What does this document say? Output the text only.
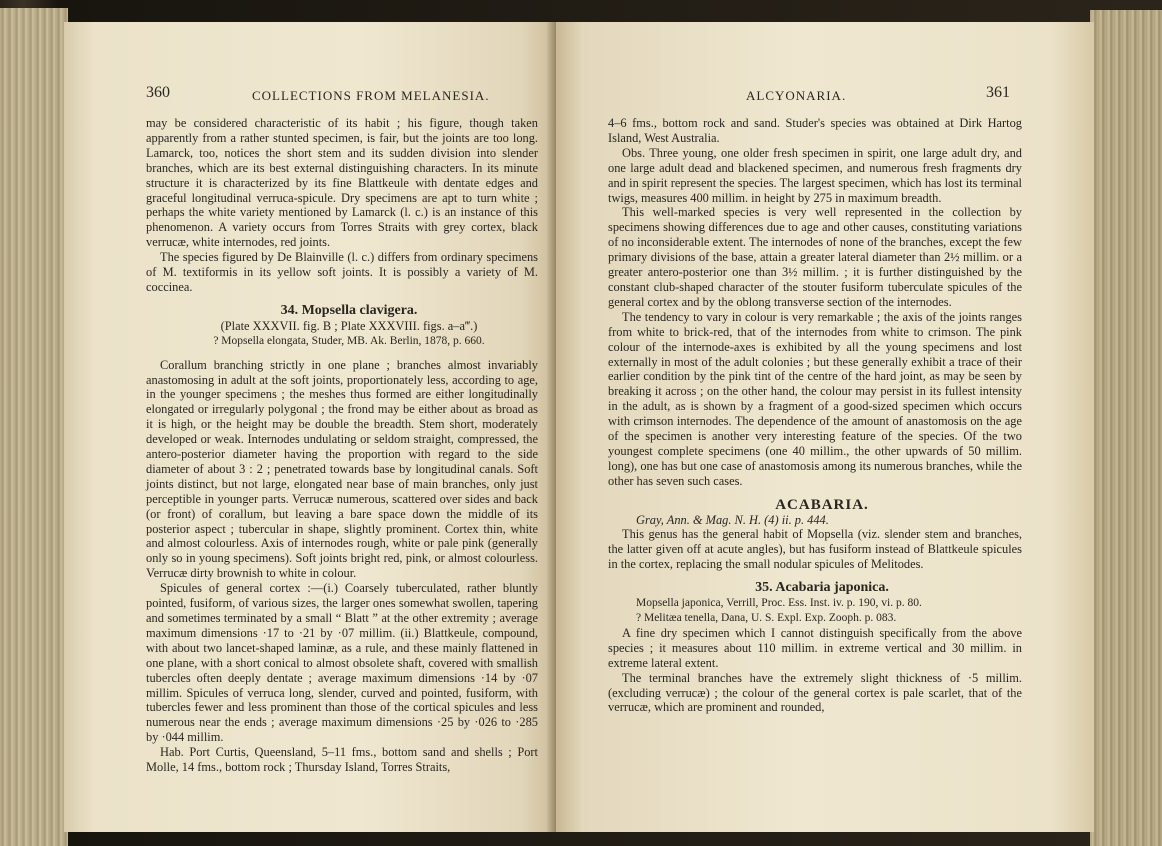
360	COLLECTIONS FROM MELANESIA.

may be considered characteristic of its habit ; his figure, though taken apparently from a rather stunted specimen, is fair, but the joints are too long. Lamarck, too, notices the short stem and its sudden division into slender branches, which are its best external distinguishing characters. In its minute structure it is characterized by its fine Blattkeule with dentate edges and graceful longitudinal verruca-spicule. Dry specimens are apt to turn white ; perhaps the white variety mentioned by Lamarck (l. c.) is an instance of this phenomenon. A variety occurs from Torres Straits with grey cortex, black verrucæ, white internodes, red joints.

The species figured by De Blainville (l. c.) differs from ordinary specimens of M. textiformis in its yellow soft joints. It is possibly a variety of M. coccinea.

34. Mopsella clavigera.

(Plate XXXVII. fig. B ; Plate XXXVIII. figs. a–a‴.)

? Mopsella elongata, Studer, MB. Ak. Berlin, 1878, p. 660.

Corallum branching strictly in one plane ; branches almost invariably anastomosing in adult at the soft joints, proportionately less, according to age, in the younger specimens ; the meshes thus formed are either longitudinally elongated or irregularly polygonal ; the frond may be either about as broad as it is high, or the height may be double the breadth. Stem short, moderately developed or weak. Internodes undulating or seldom straight, compressed, the antero-posterior diameter having the proportion with regard to the side diameter of about 3 : 2 ; penetrated towards base by longitudinal canals. Soft joints distinct, but not large, elongated near base of main branches, only just perceptible in younger parts. Verrucæ numerous, scattered over sides and back (or front) of corallum, but leaving a bare space down the middle of its posterior aspect ; tubercular in shape, slightly prominent. Cortex thin, white and almost colourless. Axis of internodes rough, white or pale pink (generally only so in young specimens). Soft joints bright red, pink, or almost colourless. Verrucæ dirty brownish to white in colour.

Spicules of general cortex :—(i.) Coarsely tuberculated, rather bluntly pointed, fusiform, of various sizes, the larger ones somewhat swollen, tapering and sometimes terminated by a small “ Blatt ” at the other extremity ; average maximum dimensions ·17 to ·21 by ·07 millim. (ii.) Blattkeule, compound, with about two lancet-shaped laminæ, as a rule, and these mainly flattened in one plane, with a short conical to almost obsolete shaft, covered with smallish tubercles often deeply dentate ; average maximum dimensions ·14 by ·07 millim. Spicules of verruca long, slender, curved and pointed, fusiform, with tubercles fewer and less prominent than those of the cortical spicules and less numerous near the ends ; average maximum dimensions ·25 by ·026 to ·285 by ·044 millim.

Hab. Port Curtis, Queensland, 5–11 fms., bottom sand and shells ; Port Molle, 14 fms., bottom rock ; Thursday Island, Torres Straits,

ALCYONARIA.	361

4–6 fms., bottom rock and sand. Studer's species was obtained at Dirk Hartog Island, West Australia.

Obs. Three young, one older fresh specimen in spirit, one large adult dry, and one large adult dead and blackened specimen, and numerous fresh fragments dry and in spirit represent the species. The largest specimen, which has lost its terminal twigs, measures 400 millim. in height by 275 in maximum breadth.

This well-marked species is very well represented in the collection by specimens showing differences due to age and other causes, constituting variations of no inconsiderable extent. The internodes of none of the branches, except the few primary divisions of the base, attain a greater lateral diameter than 2½ millim. or a greater antero-posterior one than 3½ millim. ; it is further distinguished by the constant club-shaped character of the stouter fusiform tuberculate spicules of the general cortex and by the oblong transverse section of the internodes.

The tendency to vary in colour is very remarkable ; the axis of the joints ranges from white to brick-red, that of the internodes from white to crimson. The pink colour of the internode-axes is exhibited by all the young specimens and lost externally in most of the adult colonies ; but these generally exhibit a trace of their earlier condition by the pink tint of the centre of the hard joint, as may be seen by breaking it across ; on the other hand, the colour may persist in its fullest intensity in the adult, as is shown by a fragment of a good-sized specimen which occurs with crimson internodes. The dependence of the amount of anastomosis on the age of the specimen is another very interesting feature of the species. Of the two youngest complete specimens (one 40 millim., the other upwards of 50 millim. long), one has but one case of anastomosis among its numerous branches, while the other has seven such cases.

ACABARIA.

Gray, Ann. & Mag. N. H. (4) ii. p. 444.

This genus has the general habit of Mopsella (viz. slender stem and branches, the latter given off at acute angles), but has fusiform instead of Blattkeule spicules in the cortex, replacing the small nodular spicules of Melitodes.

35. Acabaria japonica.

Mopsella japonica, Verrill, Proc. Ess. Inst. iv. p. 190, vi. p. 80.

? Melitæa tenella, Dana, U. S. Expl. Exp. Zooph. p. 083.

A fine dry specimen which I cannot distinguish specifically from the above species ; it measures about 110 millim. in extreme vertical and 30 millim. in extreme lateral extent.

The terminal branches have the extremely slight thickness of ·5 millim. (excluding verrucæ) ; the colour of the general cortex is pale scarlet, that of the verrucæ, which are prominent and rounded,
